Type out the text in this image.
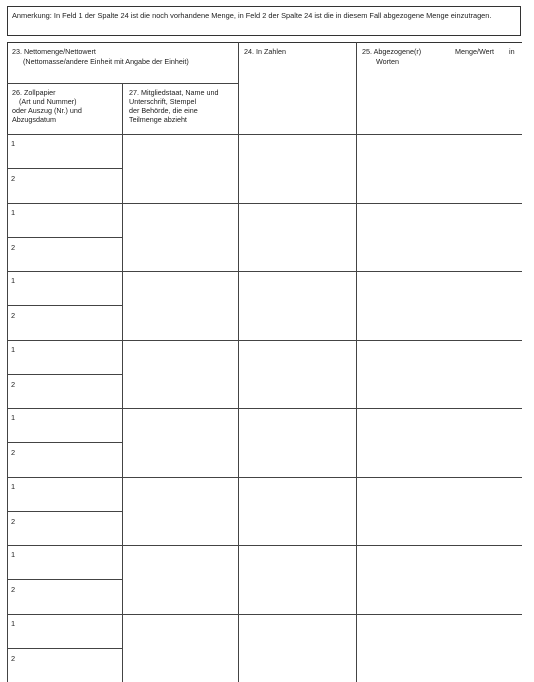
Anmerkung: In Feld 1 der Spalte 24 ist die noch vorhandene Menge, in Feld 2 der Spalte 24 ist die in diesem Fall abgezogene Menge einzutragen.
23. Nettomenge/Nettowert
(Nettomasse/andere Einheit mit Angabe der Einheit)
24. In Zahlen	25. Abgezogene(r)	Menge/Wert in
Worten
26. Zollpapier
(Art und Nummer)
oder Auszug (Nr.) und
Abzugsdatum
27. Mitgliedstaat, Name und
Unterschrift, Stempel
der Behörde, die eine
Teilmenge abzieht
1
2
1
2
1
2
1
2
1
2
1
2
1
2
1
2
